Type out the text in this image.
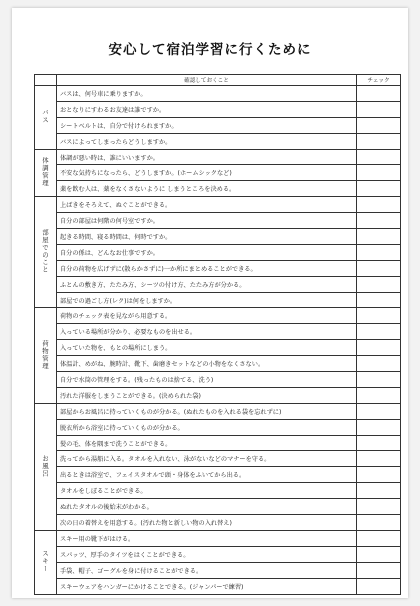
安心して宿泊学習に行くために
	確認しておくこと	チェック
バス	バスは、何号車に乗りますか。	
	おとなりにすわるお友達は誰ですか。	
	シートベルトは、自分で付けられますか。	
	バスによってしまったらどうしますか。	
体調管理	体調が悪い時は、誰にいいますか。	
	不安な気持ちになったら、どうしますか。(ホームシックなど)	
	薬を飲む人は、薬をなくさないように しまうところを決める。	
部屋でのこと	上ばきをそろえて、ぬぐことができる。	
	自分の部屋は何階の何号室ですか。	
	起きる時間、寝る時間は、何時ですか。	
	自分の係は、どんなお仕事ですか。	
	自分の荷物を広げずに(散らかさずに)一か所にまとめることができる。	
	ふとんの敷き方、たたみ方、シーツの付け方、たたみ方が分かる。	
	部屋での過ごし方(レク)は何をしますか。	
荷物管理	荷物のチェック表を見ながら用意する。	
	入っている場所が分かり、必要なものを出せる。	
	入っていた物を、もとの場所にしまう。	
	体温計、めがね、腕時計、靴下、歯磨きセットなどの小物をなくさない。	
	自分で水筒の管理をする。(残ったものは捨てる、洗う)	
	汚れた洋服をしまうことができる。(決められた袋)	
お風呂	部屋からお風呂に持っていくものが分かる。(ぬれたものを入れる袋を忘れずに)	
	脱衣所から浴室に持っていくものが分かる。	
	髪の毛、体を隅まで洗うことができる。	
	洗ってから湯船に入る。タオルを入れない、泳がないなどのマナーを守る。	
	出るときは浴室で、フェイスタオルで頭・身体をふいてから出る。	
	タオルをしぼることができる。	
	ぬれたタオルの後始末がわかる。	
	次の日の着替えを用意する。(汚れた物と新しい物の入れ替え)	
スキー	スキー用の靴下がはける。	
	スパッツ、厚手のタイツをはくことができる。	
	手袋、帽子、ゴーグルを身に付けることができる。	
	スキーウェアをハンガーにかけることできる。(ジャンパーで練習)	
